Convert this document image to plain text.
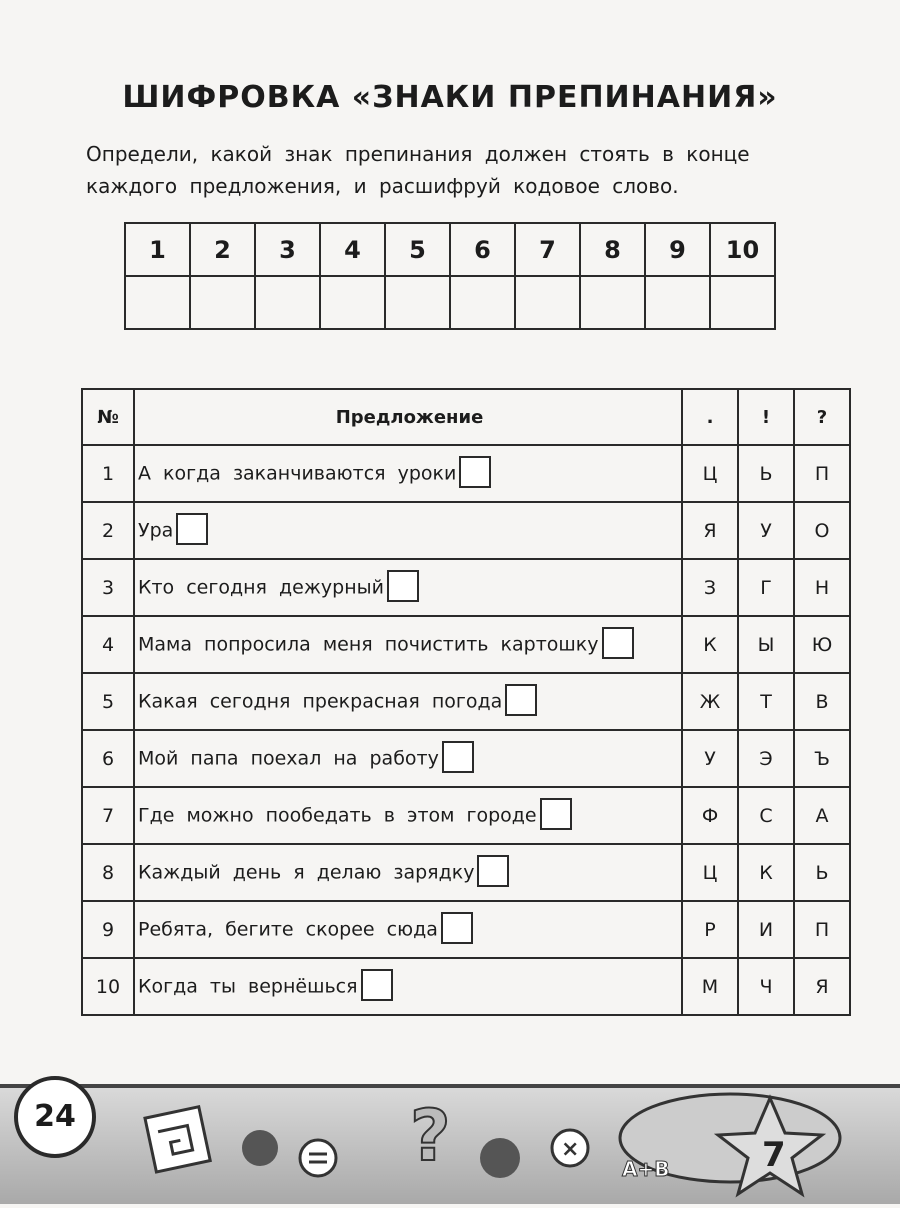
ШИФРОВКА «ЗНАКИ ПРЕПИНАНИЯ»
Определи, какой знак препинания должен стоять в конце каждого предложения, и расшифруй кодовое слово.
1	2	3	4	5	6	7	8	9	10

№	Предложение	.	!	?
1	А когда заканчиваются уроки	Ц	Ь	П
2	Ура	Я	У	О
3	Кто сегодня дежурный	З	Г	Н
4	Мама попросила меня почистить картошку	К	Ы	Ю
5	Какая сегодня прекрасная погода	Ж	Т	В
6	Мой папа поехал на работу	У	Э	Ъ
7	Где можно пообедать в этом городе	Ф	С	А
8	Каждый день я делаю зарядку	Ц	К	Ь
9	Ребята, бегите скорее сюда	Р	И	П
10	Когда ты вернёшься	М	Ч	Я
?	×	7
A+B
24
